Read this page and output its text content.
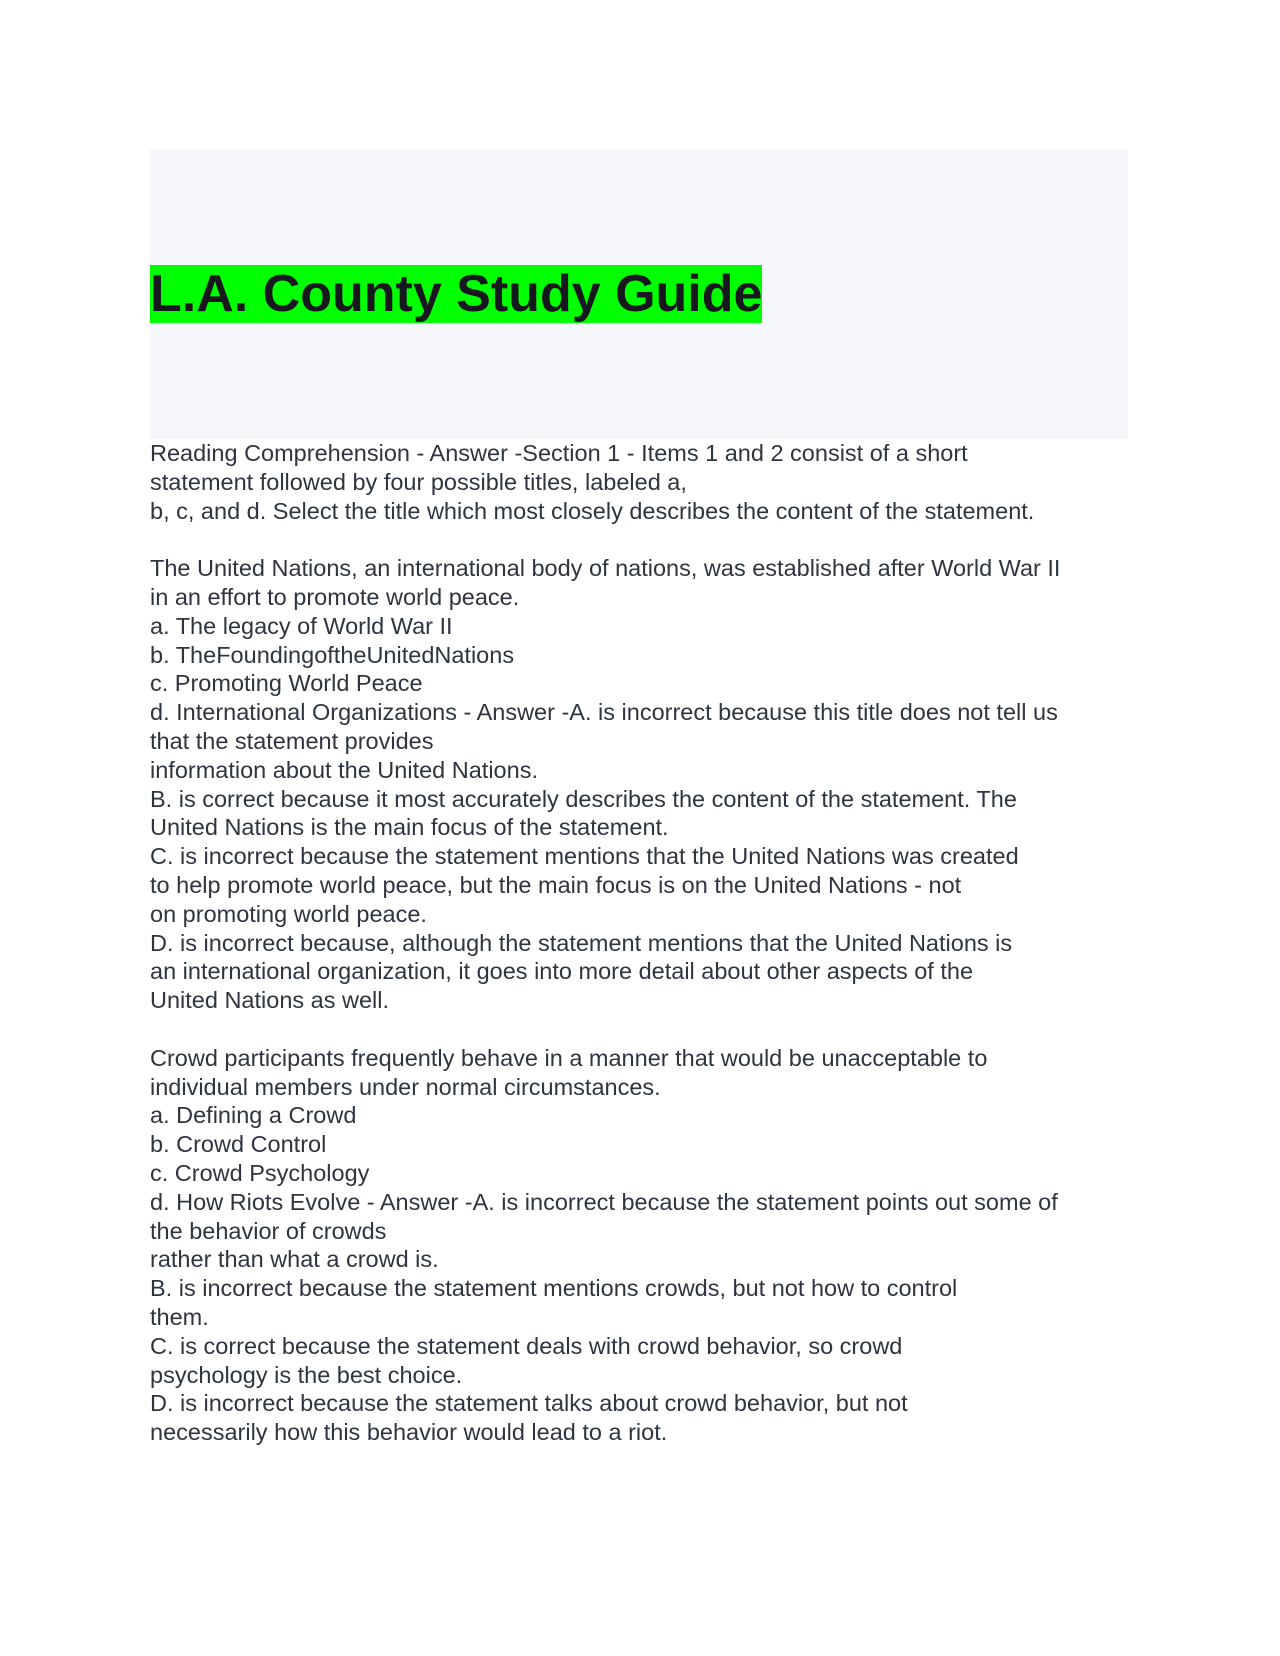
L.A. County Study Guide
Reading Comprehension - Answer -Section 1 - Items 1 and 2 consist of a short
statement followed by four possible titles, labeled a,
b, c, and d. Select the title which most closely describes the content of the statement.
The United Nations, an international body of nations, was established after World War II
in an effort to promote world peace.
a. The legacy of World War II
b. TheFoundingoftheUnitedNations
c. Promoting World Peace
d. International Organizations - Answer -A. is incorrect because this title does not tell us
that the statement provides
information about the United Nations.
B. is correct because it most accurately describes the content of the statement. The
United Nations is the main focus of the statement.
C. is incorrect because the statement mentions that the United Nations was created
to help promote world peace, but the main focus is on the United Nations - not
on promoting world peace.
D. is incorrect because, although the statement mentions that the United Nations is
an international organization, it goes into more detail about other aspects of the
United Nations as well.
Crowd participants frequently behave in a manner that would be unacceptable to
individual members under normal circumstances.
a. Defining a Crowd
b. Crowd Control
c. Crowd Psychology
d. How Riots Evolve - Answer -A. is incorrect because the statement points out some of
the behavior of crowds
rather than what a crowd is.
B. is incorrect because the statement mentions crowds, but not how to control
them.
C. is correct because the statement deals with crowd behavior, so crowd
psychology is the best choice.
D. is incorrect because the statement talks about crowd behavior, but not
necessarily how this behavior would lead to a riot.
